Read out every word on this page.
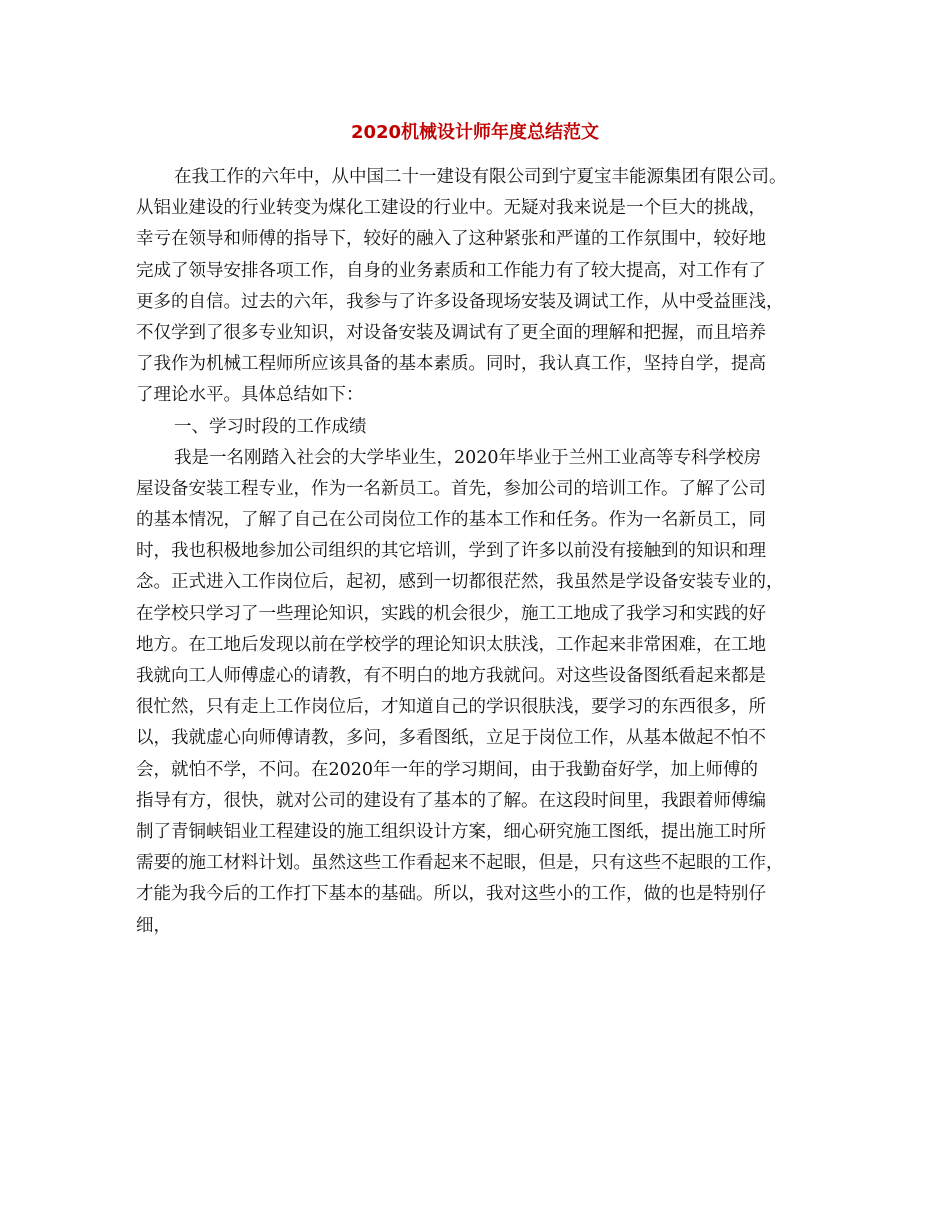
2020机械设计师年度总结范文
在我工作的六年中，从中国二十一建设有限公司到宁夏宝丰能源集团有限公司。
从铝业建设的行业转变为煤化工建设的行业中。无疑对我来说是一个巨大的挑战，
幸亏在领导和师傅的指导下，较好的融入了这种紧张和严谨的工作氛围中，较好地
完成了领导安排各项工作，自身的业务素质和工作能力有了较大提高，对工作有了
更多的自信。过去的六年，我参与了许多设备现场安装及调试工作，从中受益匪浅，
不仅学到了很多专业知识，对设备安装及调试有了更全面的理解和把握，而且培养
了我作为机械工程师所应该具备的基本素质。同时，我认真工作，坚持自学，提高
了理论水平。具体总结如下：
一、学习时段的工作成绩
我是一名刚踏入社会的大学毕业生，2020年毕业于兰州工业高等专科学校房
屋设备安装工程专业，作为一名新员工。首先，参加公司的培训工作。了解了公司
的基本情况，了解了自己在公司岗位工作的基本工作和任务。作为一名新员工，同
时，我也积极地参加公司组织的其它培训，学到了许多以前没有接触到的知识和理
念。正式进入工作岗位后，起初，感到一切都很茫然，我虽然是学设备安装专业的，
在学校只学习了一些理论知识，实践的机会很少，施工工地成了我学习和实践的好
地方。在工地后发现以前在学校学的理论知识太肤浅，工作起来非常困难，在工地
我就向工人师傅虚心的请教，有不明白的地方我就问。对这些设备图纸看起来都是
很忙然，只有走上工作岗位后，才知道自己的学识很肤浅，要学习的东西很多，所
以，我就虚心向师傅请教，多问，多看图纸，立足于岗位工作，从基本做起不怕不
会，就怕不学，不问。在2020年一年的学习期间，由于我勤奋好学，加上师傅的
指导有方，很快，就对公司的建设有了基本的了解。在这段时间里，我跟着师傅编
制了青铜峡铝业工程建设的施工组织设计方案，细心研究施工图纸，提出施工时所
需要的施工材料计划。虽然这些工作看起来不起眼，但是，只有这些不起眼的工作，
才能为我今后的工作打下基本的基础。所以，我对这些小的工作，做的也是特别仔
细，
